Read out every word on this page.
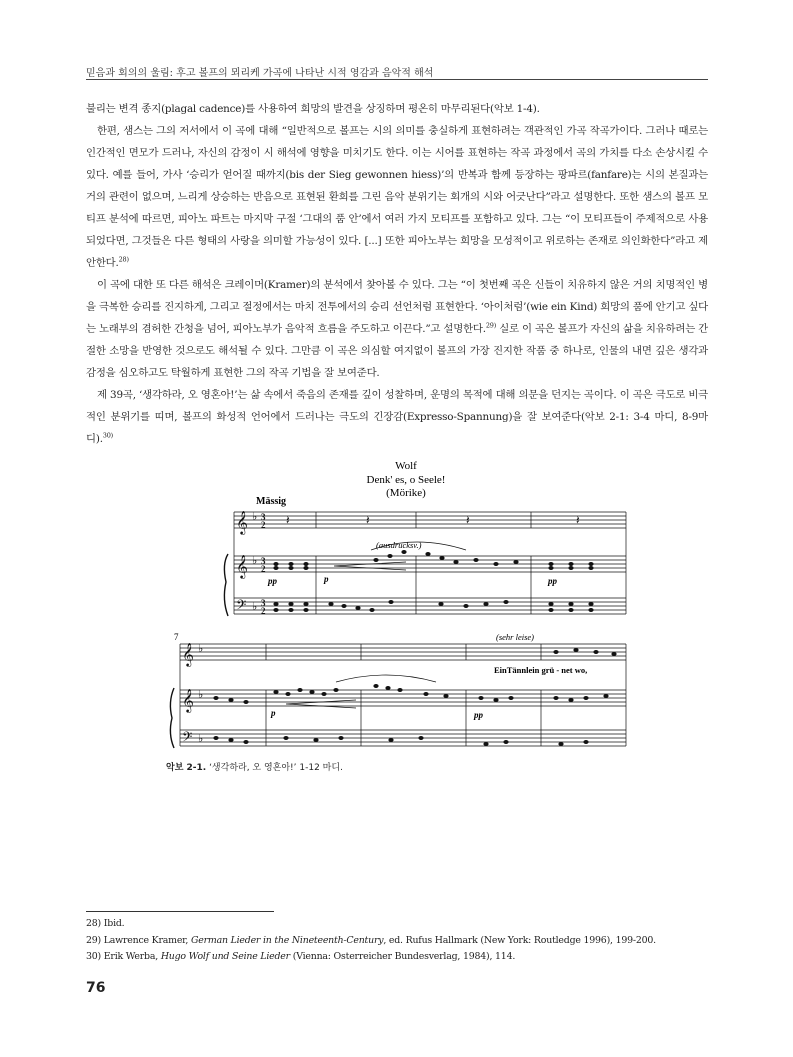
믿음과 회의의 울림: 후고 볼프의 뫼리케 가곡에 나타난 시적 영감과 음악적 해석

불리는 변격 종지(plagal cadence)를 사용하여 희망의 발견을 상징하며 평온히 마무리된다(악보 1-4).

한편, 샘스는 그의 저서에서 이 곡에 대해 “일반적으로 볼프는 시의 의미를 충실하게 표현하려는 객관적인 가곡 작곡가이다. 그러나 때로는 인간적인 면모가 드러나, 자신의 감정이 시 해석에 영향을 미치기도 한다. 이는 시어를 표현하는 작곡 과정에서 곡의 가치를 다소 손상시킬 수 있다. 예를 들어, 가사 ‘승리가 얻어질 때까지(bis der Sieg gewonnen hiess)’의 반복과 함께 등장하는 팡파르(fanfare)는 시의 본질과는 거의 관련이 없으며, 느리게 상승하는 반음으로 표현된 환희를 그린 음악 분위기는 회개의 시와 어긋난다”라고 설명한다. 또한 샘스의 볼프 모티프 분석에 따르면, 피아노 파트는 마지막 구절 ‘그대의 품 안’에서 여러 가지 모티프를 포함하고 있다. 그는 “이 모티프들이 주제적으로 사용되었다면, 그것들은 다른 형태의 사랑을 의미할 가능성이 있다. [...] 또한 피아노부는 희망을 모성적이고 위로하는 존재로 의인화한다”라고 제안한다.$^{28)}$

이 곡에 대한 또 다른 해석은 크레이머(Kramer)의 분석에서 찾아볼 수 있다. 그는 “이 첫번째 곡은 신들이 치유하지 않은 거의 치명적인 병을 극복한 승리를 진지하게, 그리고 절정에서는 마치 전투에서의 승리 선언처럼 표현한다. ‘아이처럼’(wie ein Kind) 희망의 품에 안기고 싶다는 노래부의 겸허한 간청을 넘어, 피아노부가 음악적 흐름을 주도하고 이끈다.”고 설명한다.$^{29)}$ 실로 이 곡은 볼프가 자신의 삶을 치유하려는 간절한 소망을 반영한 것으로도 해석될 수 있다. 그만큼 이 곡은 의심할 여지없이 볼프의 가장 진지한 작품 중 하나로, 인물의 내면 깊은 생각과 감정을 심오하고도 탁월하게 표현한 그의 작곡 기법을 잘 보여준다.

제 39곡, ‘생각하라, 오 영혼아!’는 삶 속에서 죽음의 존재를 깊이 성찰하며, 운명의 목적에 대해 의문을 던지는 곡이다. 이 곡은 극도로 비극적인 분위기를 띠며, 볼프의 화성적 언어에서 드러나는 극도의 긴장감(Expresso-Spannung)을 잘 보여준다(악보 2-1: 3-4 마디, 8-9마디).$^{30)}$

Wolf
Denk' es, o Seele!
(Mörike)
Mässig
𝄞
𝄞
𝄢
𝄞
𝄞
𝄢
♭
♭
♭
♭
♭
♭
3
2
3
2
3
2
𝄽	𝄽	𝄽	𝄽
pp	pp
p
p	pp
(ausdrucksv.)
7	(sehr leise)
EinTännlein grü - net wo,
악보 2-1. ‘생각하라, 오 영혼아!’ 1-12 마디.
28) Ibid.
29) Lawrence Kramer, German Lieder in the Nineteenth-Century, ed. Rufus Hallmark (New York: Routledge 1996), 199-200.
30) Erik Werba, Hugo Wolf und Seine Lieder (Vienna: Osterreicher Bundesverlag, 1984), 114.
76
